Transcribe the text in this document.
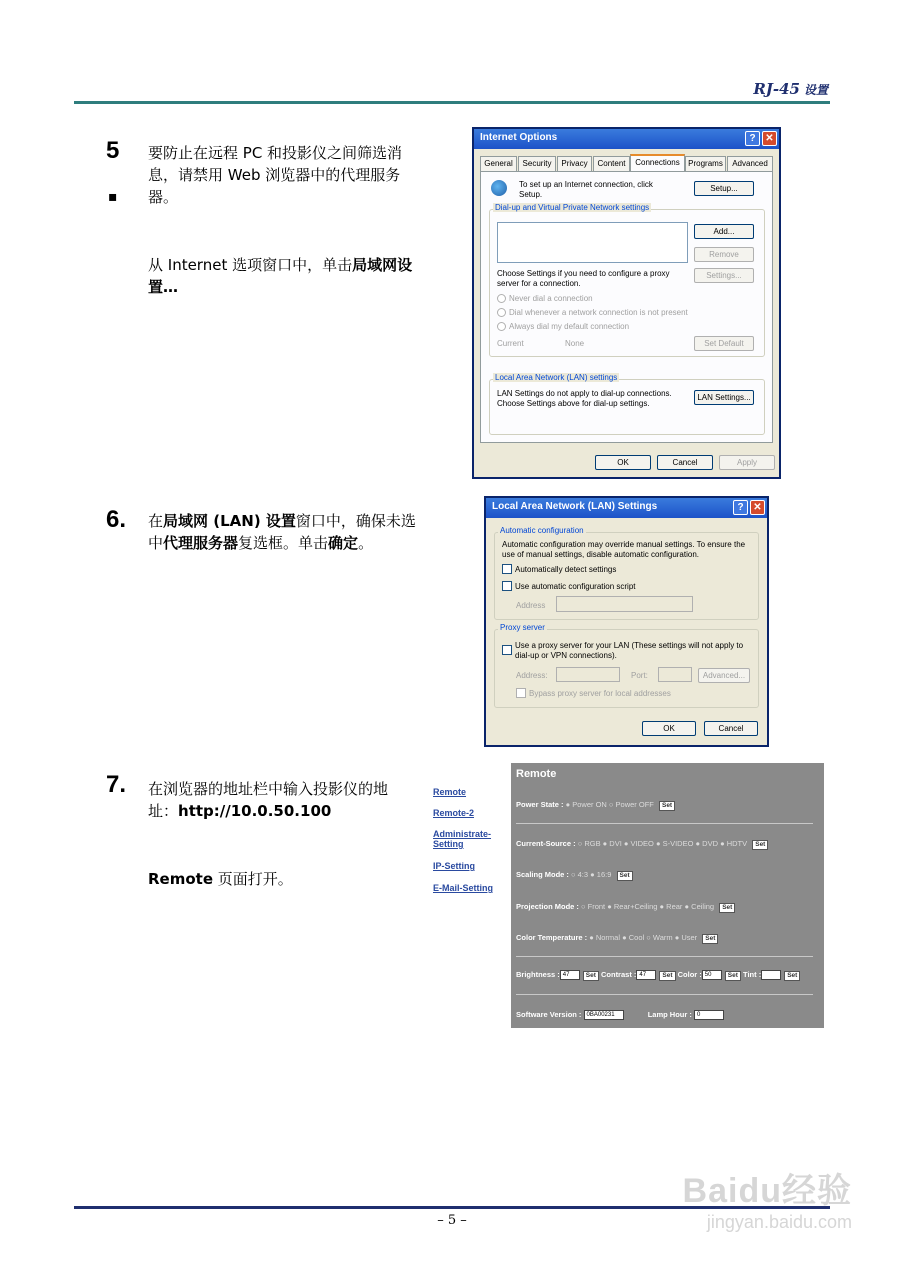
RJ-45 设置
5
▪
要防止在远程 PC 和投影仪之间筛选消息，请禁用 Web 浏览器中的代理服务器。
从 Internet 选项窗口中，单击局域网设置…
Internet Options	? ✕
General	Security	Privacy	Content	Connections	Programs	Advanced
To set up an Internet connection, click Setup.
Setup...
Dial-up and Virtual Private Network settings
Add...
Remove
Choose Settings if you need to configure a proxy server for a connection.
Settings...
Never dial a connection
Dial whenever a network connection is not present
Always dial my default connection
Current	None	Set Default
Local Area Network (LAN) settings
LAN Settings do not apply to dial-up connections. Choose Settings above for dial-up settings.
LAN Settings...
OK	Cancel	Apply
6. 在局域网 (LAN) 设置窗口中，确保未选中代理服务器复选框。单击确定。
Local Area Network (LAN) Settings	? ✕
Automatic configuration
Automatic configuration may override manual settings. To ensure the use of manual settings, disable automatic configuration.
Automatically detect settings
Use automatic configuration script
Address
Proxy server
Use a proxy server for your LAN (These settings will not apply to dial-up or VPN connections).
Address:	Port:	Advanced...
Bypass proxy server for local addresses
OK	Cancel
7. 在浏览器的地址栏中输入投影仪的地址：http://10.0.50.100
Remote 页面打开。
Remote
Remote-2
Administrate-Setting
IP-Setting
E-Mail-Setting
Remote
Power State : ● Power ON ○ Power OFF Set
Current-Source : ○ RGB ● DVI ● VIDEO ● S-VIDEO ● DVD ● HDTV Set
Scaling Mode : ○ 4:3 ● 16:9 Set
Projection Mode : ○ Front ● Rear+Ceiling ● Rear ● Ceiling Set
Color Temperature : ● Normal ● Cool ○ Warm ● User Set
Brightness : 47	Set Contrast : 47	Set Color : 50	Set Tint :	Set
Software Version : 0BA00231	Lamp Hour : 0
– 5 –
Baidu经验
jingyan.baidu.com
